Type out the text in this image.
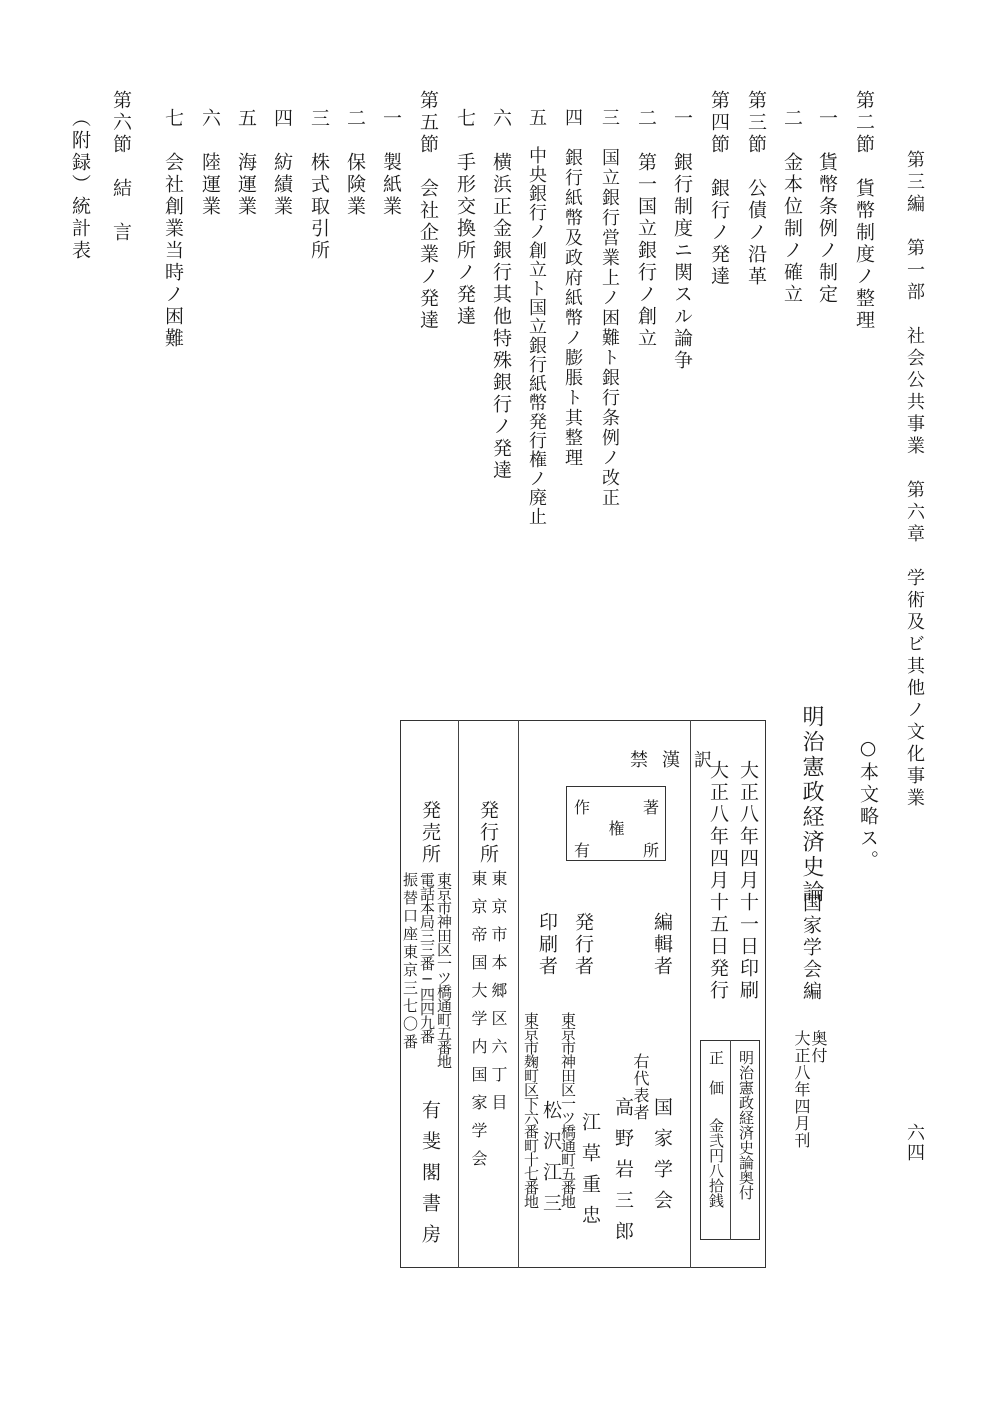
第三編　第一部　社会公共事業　第六章　学術及ビ其他ノ文化事業
六四
第二節　貨幣制度ノ整理
一　貨幣条例ノ制定
二　金本位制ノ確立
第三節　公債ノ沿革
第四節　銀行ノ発達
一　銀行制度ニ関スル論争
二　第一国立銀行ノ創立
三　国立銀行営業上ノ困難ト銀行条例ノ改正
四　銀行紙幣及政府紙幣ノ膨脹ト其整理
五　中央銀行ノ創立ト国立銀行紙幣発行権ノ廃止
六　横浜正金銀行其他特殊銀行ノ発達
七　手形交換所ノ発達
第五節　会社企業ノ発達
一　製紙業
二　保険業
三　株式取引所
四　紡績業
五　海運業
六　陸運業
七　会社創業当時ノ困難
第六節　結　言
（附録）統計表
○本文略ス。
奥付
大正八年四月刊
明治憲政経済史論
国家学会編
明治憲政経済史論奥付
正　価
金弐円八拾銭
大正八年四月十一日印刷
大正八年四月十五日発行
禁漢訳
著
作
権
所
有
編輯者
国家学会
右代表者
高野岩三郎
発行者
東京市神田区一ツ橋通町五番地 江草重忠
印刷者
東京市麹町区下六番町十七番地 松沢江三
発行所
東京市本郷区六丁目
東京帝国大学内国家学会
発売所
東京市神田区一ツ橋通町五番地
電話本局三三番─四四九番
振替口座東京三七〇番
有斐閣書房
